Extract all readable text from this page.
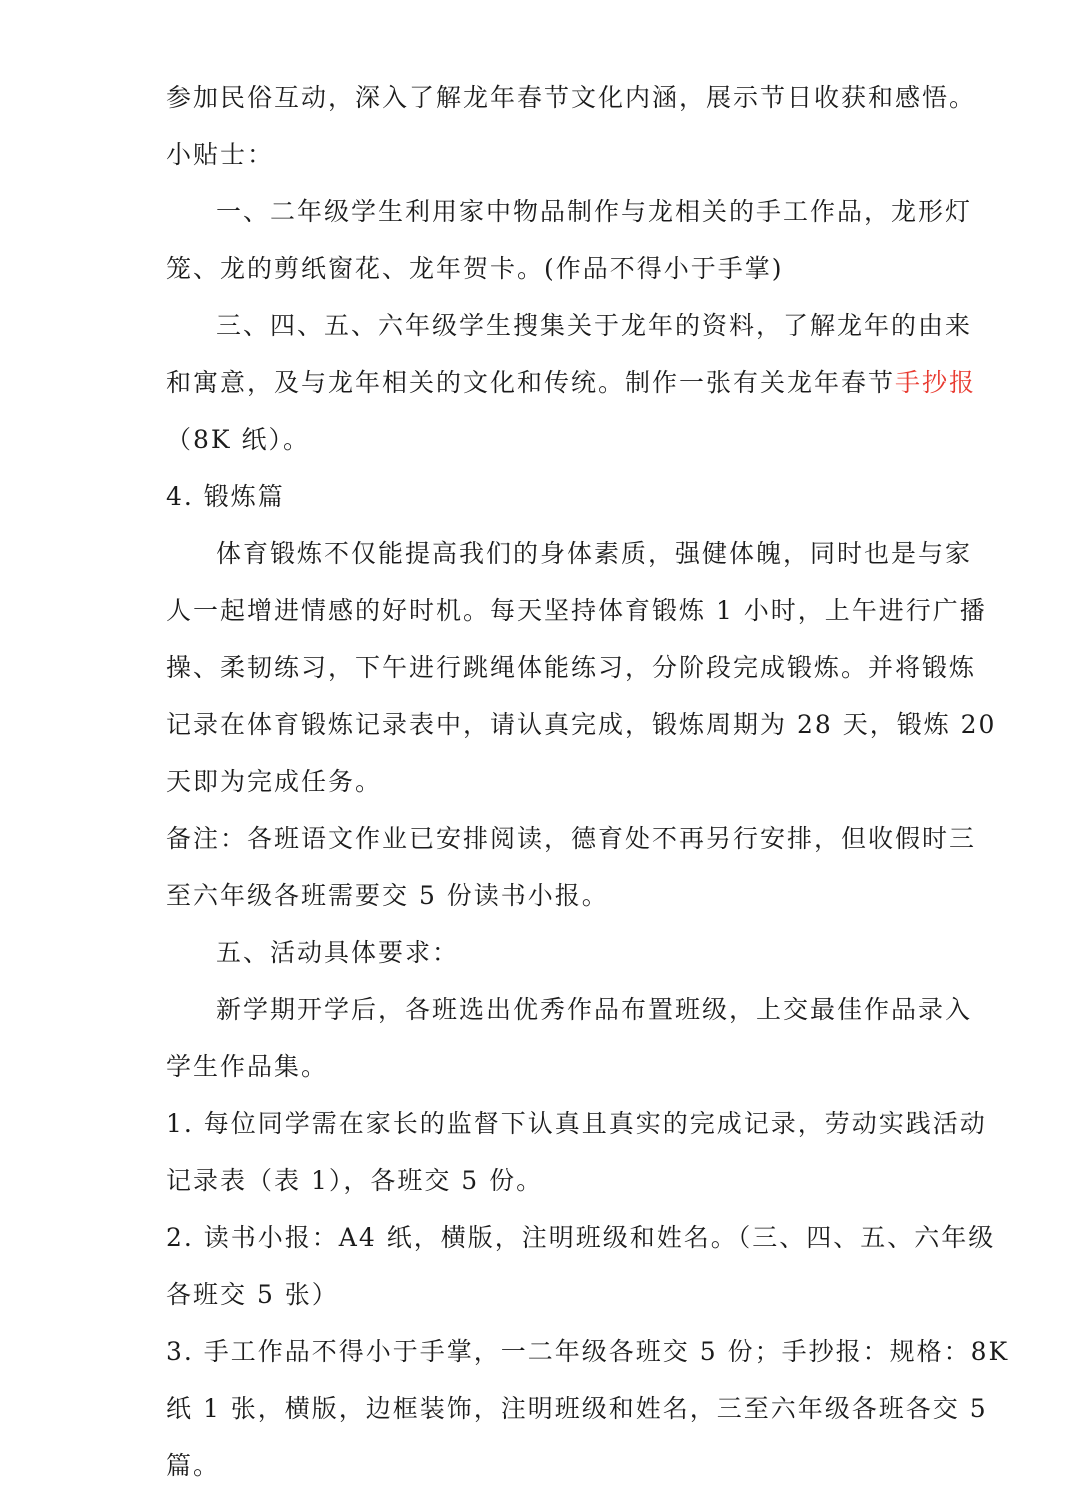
参加民俗互动，深入了解龙年春节文化内涵，展示节日收获和感悟。
小贴士：
一、二年级学生利用家中物品制作与龙相关的手工作品，龙形灯
笼、龙的剪纸窗花、龙年贺卡。(作品不得小于手掌)
三、四、五、六年级学生搜集关于龙年的资料，了解龙年的由来
和寓意，及与龙年相关的文化和传统。制作一张有关龙年春节手抄报
（8K 纸）。
4. 锻炼篇
体育锻炼不仅能提高我们的身体素质，强健体魄，同时也是与家
人一起增进情感的好时机。每天坚持体育锻炼 1 小时，上午进行广播
操、柔韧练习，下午进行跳绳体能练习，分阶段完成锻炼。并将锻炼
记录在体育锻炼记录表中，请认真完成，锻炼周期为 28 天，锻炼 20
天即为完成任务。
备注：各班语文作业已安排阅读，德育处不再另行安排，但收假时三
至六年级各班需要交 5 份读书小报。
五、活动具体要求：
新学期开学后，各班选出优秀作品布置班级，上交最佳作品录入
学生作品集。
1. 每位同学需在家长的监督下认真且真实的完成记录，劳动实践活动
记录表（表 1），各班交 5 份。
2. 读书小报：A4 纸，横版，注明班级和姓名。（三、四、五、六年级
各班交 5 张）
3. 手工作品不得小于手掌，一二年级各班交 5 份；手抄报：规格：8K
纸 1 张，横版，边框装饰，注明班级和姓名，三至六年级各班各交 5
篇。
